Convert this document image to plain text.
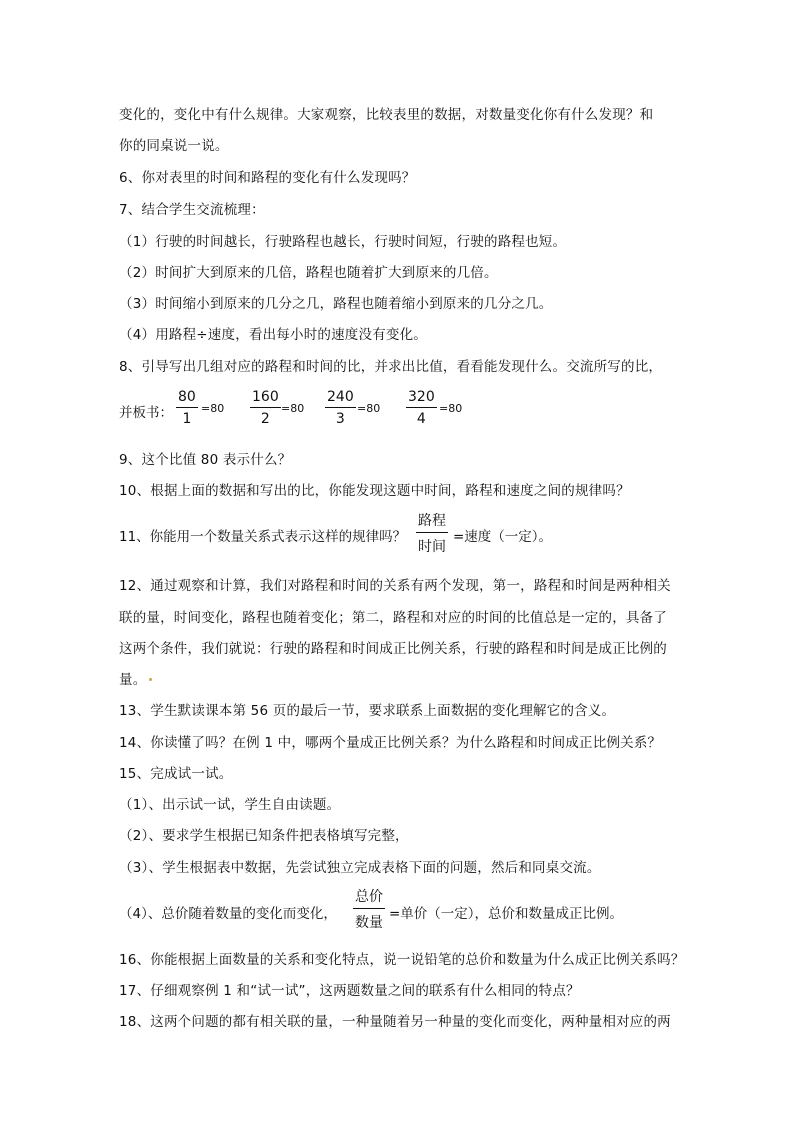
变化的，变化中有什么规律。大家观察，比较表里的数据，对数量变化你有什么发现？和
你的同桌说一说。
6、你对表里的时间和路程的变化有什么发现吗？
7、结合学生交流梳理：
（1）行驶的时间越长，行驶路程也越长，行驶时间短，行驶的路程也短。
（2）时间扩大到原来的几倍，路程也随着扩大到原来的几倍。
（3）时间缩小到原来的几分之几，路程也随着缩小到原来的几分之几。
（4）用路程÷速度，看出每小时的速度没有变化。
8、引导写出几组对应的路程和时间的比，并求出比值，看看能发现什么。交流所写的比，
并板书：
80
1
=80
160
2
=80
240
3
=80
320
4
=80
9、这个比值 80 表示什么？
10、根据上面的数据和写出的比，你能发现这题中时间，路程和速度之间的规律吗？
11、你能用一个数量关系式表示这样的规律吗？
路程
时间
=速度（一定）。
12、通过观察和计算，我们对路程和时间的关系有两个发现，第一，路程和时间是两种相关
联的量，时间变化，路程也随着变化；第二，路程和对应的时间的比值总是一定的，具备了
这两个条件，我们就说：行驶的路程和时间成正比例关系，行驶的路程和时间是成正比例的
量。
13、学生默读课本第 56 页的最后一节，要求联系上面数据的变化理解它的含义。
14、你读懂了吗？在例 1 中，哪两个量成正比例关系？为什么路程和时间成正比例关系？
15、完成试一试。
（1）、出示试一试，学生自由读题。
（2）、要求学生根据已知条件把表格填写完整，
（3）、学生根据表中数据，先尝试独立完成表格下面的问题，然后和同桌交流。
（4）、总价随着数量的变化而变化，
总价
数量
=单价（一定），总价和数量成正比例。
16、你能根据上面数量的关系和变化特点，说一说铅笔的总价和数量为什么成正比例关系吗？
17、仔细观察例 1 和“试一试”，这两题数量之间的联系有什么相同的特点？
18、这两个问题的都有相关联的量，一种量随着另一种量的变化而变化，两种量相对应的两
